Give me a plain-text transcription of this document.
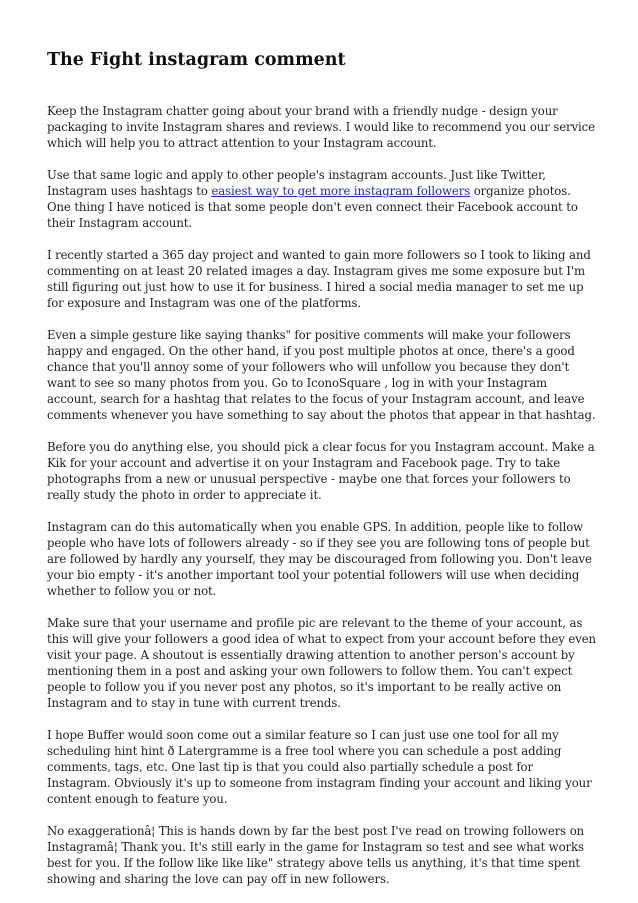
The Fight instagram comment

Keep the Instagram chatter going about your brand with a friendly nudge - design your packaging to invite Instagram shares and reviews. I would like to recommend you our service which will help you to attract attention to your Instagram account.

Use that same logic and apply to other people's instagram accounts. Just like Twitter, Instagram uses hashtags to easiest way to get more instagram followers organize photos. One thing I have noticed is that some people don't even connect their Facebook account to their Instagram account.

I recently started a 365 day project and wanted to gain more followers so I took to liking and commenting on at least 20 related images a day. Instagram gives me some exposure but I'm still figuring out just how to use it for business. I hired a social media manager to set me up for exposure and Instagram was one of the platforms.

Even a simple gesture like saying thanks" for positive comments will make your followers happy and engaged. On the other hand, if you post multiple photos at once, there's a good chance that you'll annoy some of your followers who will unfollow you because they don't want to see so many photos from you. Go to IconoSquare , log in with your Instagram account, search for a hashtag that relates to the focus of your Instagram account, and leave comments whenever you have something to say about the photos that appear in that hashtag.

Before you do anything else, you should pick a clear focus for you Instagram account. Make a Kik for your account and advertise it on your Instagram and Facebook page. Try to take photographs from a new or unusual perspective - maybe one that forces your followers to really study the photo in order to appreciate it.

Instagram can do this automatically when you enable GPS. In addition, people like to follow people who have lots of followers already - so if they see you are following tons of people but are followed by hardly any yourself, they may be discouraged from following you. Don't leave your bio empty - it's another important tool your potential followers will use when deciding whether to follow you or not.

Make sure that your username and profile pic are relevant to the theme of your account, as this will give your followers a good idea of what to expect from your account before they even visit your page. A shoutout is essentially drawing attention to another person's account by mentioning them in a post and asking your own followers to follow them. You can't expect people to follow you if you never post any photos, so it's important to be really active on Instagram and to stay in tune with current trends.

I hope Buffer would soon come out a similar feature so I can just use one tool for all my scheduling hint hint ð Latergramme is a free tool where you can schedule a post adding comments, tags, etc. One last tip is that you could also partially schedule a post for Instagram. Obviously it's up to someone from instagram finding your account and liking your content enough to feature you.

No exaggerationâ¦ This is hands down by far the best post I've read on trowing followers on Instagramâ¦ Thank you. It's still early in the game for Instagram so test and see what works best for you. If the follow like like like" strategy above tells us anything, it's that time spent showing and sharing the love can pay off in new followers.
